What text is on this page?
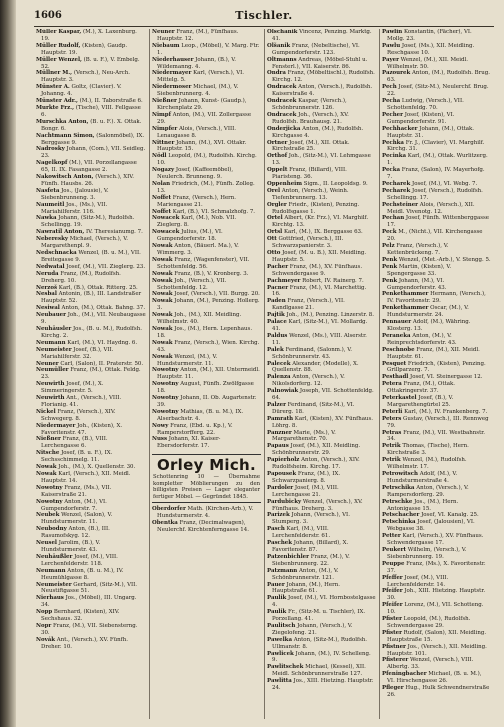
1606	Tischler.

Müller Kaspar, (M.), X. Laxenburg. 19.

Müller Rudolf, (Kisten), Gaudp. Hauptstr. 19.

Müller Wenzel, (B. u. F.), V. Embelg. 52.

Müllner M., (Versch.), Neu-Arch. Hauptstr. 3.

Münster A. Goltz, (Clavier). V. Johanng. 4.

Münster Adr., (M.), II. Taborstraße 6.

Murkte Frz., (Tische), VIII. Fellgasse 6.

Murschka Anton, (B. u. F.). X. Ottak. Bongr. 6.

Nachtmann Simon, (Salonmöbel), IX. Berggasse 9.

Nadrosky Johann, (Com.), VII. Seidleg. 23.

Nagelkopf (M.), VII. Porzellangasse 65, II. IX. Fasangasse 2.

Nakowitsch Anton, (Versch.), XIV. Fünfh. Hausbs. 26.

Nasfeta Jos., (Jalousie), V. Siebenbrunneng. 3.

Naumeitl Jos., (Ms.), VII. Mariahilferstr. 116.

Nawka Johann, (Sitz-M.), Rudolfsh. Schellingg. 19.

Nawratil Anton, IV. Theresianumg. 7.

Neberesky Michael, (Versch.), V. Margarethenpl. 9.

Nedschnacka Wenzel, (B. u. M.), VII. Breitegasse 9.

Nedwatal Josef, (M.), VII. Zieglerg. 23.

Neruda Franz, (M.), Rudolfsh. Dreherg. 10.

Nerzoš Karl, (B.), Ottak. Ritterg. 25.

Nesbal Antonin, (B.), III. Landstraßer Hauptstr. 52.

Nesiwal Anton, (M.), Ottak. Bahng. 37.

Neubauer Joh., (M.), VII. Neubaugasse 9.

Neuhäusler Jos., (B. u. M.), Rudolfsh. Kirchg. 2.

Neumann Karl, (M.), VI. Haydng. 6.

Neumeister Josef, (B.), VII. Mariahilferstr. 32.

Neuner Carl, (Salon), II. Praterstr. 50.

Neumüller Franz, (M.), Ottak. Feldg. 23.

Neuwirth Josef, (M.), X. Simmeringerstr. 5.

Neuwirth Ant., (Versch.), VIII. Florianig. 41.

Nickel Franz, (Versch.), XIV. Schwegerg. 8.

Niedermayer Joh., (Kisten), X. Favoritenstr. 47.

Nießner Franz, (B.), VIII. Lerchengasse 6.

Nitsche Josef, (B. u. F.), IX. Sechsschimmelg. 11.

Nowak Joh., (M.), X. Quellenstr. 30.

Nowak Karl, (Versch.), XII. Meidl. Hauptstr. 14.

Nowotny Franz, (Ms.), VII. Kaiserstraße 21.

Nowotny Anton, (M.), VI. Gumpendorferstr. 7.

Neubek Wenzel, (Salon), V. Hundsturmerstr. 11.

Neubodny Anton, (B.), III. Rasumofskyg. 12.

Neusel Jarolim, (B.), V. Hundsturmerstr. 43.

Neuhäußler Josef, (M.), VIII. Lerchenfelderstr. 118.

Neumann Anton, (B. u. M.), IV. Heumühlgasse 8.

Neumeister Gerhard, (Sitz-M.), VII. Neustiftgasse 51.

Nierhaus Jos., (Möbel), III. Ungarg. 34.

Nopp Bernhard, (Kisten), XIV. Sechshaus. 32.

Nopr Franz, (M.), VII. Siebensterng. 30.

Novák Ant., (Versch.), XV. Fünfh. Dreher. 10.

Neuner Franz, (M.), Fünfhaus. Hauptstr. 12.

Niebaum Leop., (Möbel), V. Marg. Ftr. 1.

Niederhauser Johann, (B.), V. Wildemanng. 4.

Niedermayer Karl, (Versch.), VI. Mittelg. 5.

Niedermoser Michael, (M.), V. Siebenbrunnerg. 4.

Nießner Johann, Kunst- (Gaudp.), Kirchenplatz 29.

Nimpf Anton, (M.), VII. Zollergasse 29.

Nimpfer Alois, (Versch.), VIII. Lenaugasse 8.

Nittner Johann, (M.), XVI. Ottakr. Hauptstr. 15.

Nödl Leopold, (M.), Rudolfsh. Kirchg. 10.

Nogazy Josef, (Kaffeemöbel), Neulerch. Brunneng. 9.

Nolan Friedrich, (M.), Fünfh. Zolleg. 13.

Noffet Franz, (Versch.), Hern. Mariengasse 21.

Noffet Karl, (B.), VI. Schmalzhofg. 7.

Nowacek Karl, (M.), Nob. VII. Zieglerg. 8.

Nowacek Julius, (M.), VI. Gumpendorferstr. 18.

Nowak Anton, (Bäuerl. Ma.), V. Wimmerg. 3.

Nowak Franz, (Wagenfenster), VII. Schottenfeldg. 56.

Nowak Franz, (B.), V. Kronberg. 3.

Nowak Joh., (Versch.), VII. Schottenfeldg. 12.

Nowak Josef, (Versch.), VII. Burgg. 20.

Nowak Johann, (M.), Penzing. Hollerg. 3.

Nowak Joh., (M.), XII. Meidling. Wilhelmstr. 40.

Nowak Jos., (M.), Hern. Lepenhaus. 18.

Nowak Franz, (Versch.), Wien. Kirchg. 43.

Nowak Wenzel, (M.), V. Hundsturmerstr. 11.

Nowotny Anton, (M.), XII. Untermeidl. Hauptstr. 11.

Nowotny August, Fünfh. Zwölfgasse 18.

Nowotny Johann, II. Ob. Augartenstr. 39.

Nowotny Mathias, (B. u. M.), IX. Alserbachstr. 4.

Nowy Franz, (Ebd. u. Kp.), V. Ramperstorfferg. 22.

Nuss Johann, XI. Kaiser-Ebersdorferstr. 17.

Orley Mich.
Schottenring 10 — Übernahme kompletter Möblierungen zu den billigsten Preisen — Lager eleganter fertiger Möbel. — Gegründet 1845.

Oberdorfer Math. (Kirchen-Arb.), V. Hundsturmerstr. 4.

Obentka Franz, (Decimalwagen), Neulerchf. Kirchtenferngasse 14.

Olschanik Vincenz, Penzing. Marktg. 41.

Olšanik Franz, (Nebeltische), VI. Gumpendorferstr. 123.

Oltmanns Andreas, (Möbel-Stuhl u. Fensterl.), VII. Kaiserstr. 86.

Ondra Franz, (Möbeltischl.), Rudolfsh. Kirchg. 12.

Ondracek Anton, (Versch.), Rudolfsh. Kaiserstraße 4.

Ondracek Kaspar, (Versch.), Schönbrunnerstr. 126.

Ondracek Joh., (Versch.), XV. Rudolfsh. Brauhausg. 21.

Onderjicka Anton, (M.), Rudolfsh. Kirchgasse 4.

Ortner Josef, (M.), XII. Ottak. Kirchstraße 25.

Orthof Joh., (Sitz-M.), VI. Lehmgasse 13.

Oppelt Franz, (Billard), VIII. Piaristeng. 36.

Oppenheim Sigm., II. Leopoldsg. 9.

Orel Anton, (Versch.), Weinh. Tiefenbrunnerg. 13.

Orgler Friedr., (Kisten), Penzing. Rudolfsgasse 1.

Ortel Albert, (Kr. Frz.), VI. Marghilf. Kirchtg. 13.

Ortsl Karl, (M.), IX. Berggasse 63.

Ott Gottfried, (Versch.), III. Schwarzspanierstr. 3.

Otto Josef, (M. u. B.), XII. Meidling. Hauptstr. 5.

Pacher Franz, (M.), XV. Fünfhaus. Schwendergasse 9.

Pachmeyer Robert, IV. Rainerg. 7.

Pacner Franz, (M.), VI. Marchettig. 16.

Paden Franz, (Versch.), VII. Kandlgasse 21.

Pajtik Joh., (M.), Penzing. Linzerstr. 8.

Palace Karl, (Sitz-M.), VI. Mollardg. 41.

Paldus Wenzel, (Ms.), VIII. Alserstr. 11.

Palek Ferdinand, (Salonm.), V. Schönbrunnerstr. 43.

Palecek Alexander, (Modelle), X. Quellenstr. 88.

Palenza Anton, (Versch.), V. Nikolsdorferg. 12.

Palnowiak Joseph, VII. Schottenfeldg. 64.

Palzer Ferdinand, (Sitz-M.), VI. Dürerg. 18.

Pamrath Karl, (Kisten), XV. Fünfhaus. Löhrg. 8.

Panzner Marie, (Ms.), V. Margarethenstr. 70.

Papaus Josef, (M.), XII. Meidling. Schönbrunnerstr. 29.

Papierholz Anton, (Versch.), XIV. Rudolfsheim. Kirchg. 17.

Papousek Franz, (M.), IX. Schwarzpanierg. 8.

Pardoler Josef, (M.), VIII. Lerchengasse 21.

Pardubicky Wenzel, (Versch.), XV. Fünfhaus. Dreherg. 3.

Parizek Johann, (Versch.), VI. Stumperg. 3.

Pasch Karl, (M.), VIII. Lerchenfelderstr. 61.

Paschek Johann, (Billard), X. Favoritenstr. 87.

Patzenbichler Franz, (M.), V. Siebenbrunnerg. 22.

Patzmann Anton, (M.), V. Schönbrunnerstr. 121.

Pauer Johann, (M.), Hern. Hauptstraße 61.

Paulik Josef, (M.), VI. Hornbostelgasse 4.

Paulik Fr., (Sitz-M. u. Tischler), IX. Porzellang. 41.

Paulitsch Johann, (Versch.), V. Ziegelofeng. 21.

Pawelka Anton, (Sitz-M.), Rudolfsh. Ullmanstr. 8.

Pawlicek Johann, (M.), IV. Schelleng. 9.

Pawlitschek Michael, (Kessel), XII. Meidl. Schönbrunnerstraße 127.

Pawlitta Jos., XIII. Hietzing. Hauptstr. 24.

Pawlin Konstantin, (Fächer), VI. Mollg. 23.

Pawlu Josef, (Ms.), XII. Meidling. Reschgasse 10.

Payer Wenzel, (M.), XII. Meidl. Wilhelmstr. 50.

Pazourek Anton, (M.), Rudolfsh. Brug. 63.

Pech Josef, (Sitz-M.), Neulerchf. Brug. 22.

Pecha Ludwig, (Versch.), VII. Schottenfeldg. 70.

Pecher Josef, (Kisten), VI. Gumpendorferstr. 91.

Pechhacker Johann, (M.), Ottak. Hauptstr. 31.

Pechka Fr. J., (Clavier), VI. Marghilf. Kirchg. 31.

Pecinka Karl, (M.), Ottak. Wurlitzerg. 1.

Pecka Franz, (Salon), IV. Mayerhofg. 7.

Pecharek Josef, (M.), VI. Webg. 7.

Pecharek Josef, (Versch.), Rudolfsh. Schellingg. 17.

Pechsteiner Alois, (Versch.), XII. Meidl. Vivenotg. 12.

Pechan Josef, Fünfh. Wittenberggasse 17.

Peck M., (Nicht.), VII. Kirchengasse 20.

Pelz Franz, (Versch.), V. Kettenbrückeng. 7.

Penk Wenzel, (Met.-Arb.), V. Stengg. 5.

Penk Martin, (Kisten), V. Spengergasse 33.

Penk Johann, (M.), VI. Gumpendorferstr. 43.

Penkethammer Hermann, (Versch.), IV. Favoritenstr. 29.

Penkethammer Oscar, (M.), V. Hundsturmerstr. 24.

Pennauer Adolf, (M.), Währing. Klosterg. 13.

Peraneka Anton, (M.), V. Reinprechtsdorferstr. 43.

Peschnobe Franz, (M.), XII. Meidl. Hauptstr. 61.

Pesquet Friedrich, (Kisten), Penzing. Grillparzerg. 7.

Pesthadl Josef, VI. Steinergasse 12.

Petera Franz, (M.), Ottak. Ottakringerstr. 37.

Peterkastel Josef, (B.), V. Margarethengürtel 25.

Peterli Karl, (M.), IV. Frankenberg. 7.

Peters Gustav, (Versch.), III. Rennweg 79.

Petras Franz, (M.), VII. Westbahnstr. 34.

Petrik Thomas, (Tische), Hern. Kirchstraße 3.

Petrik Wenzel, (M.), Rudolfsh. Wilhelmstr. 17.

Petrowitsch Adolf, (M.), V. Hundsturmerstraße 4.

Petrschika Anton, (Versch.), V. Rampersdorferg. 29.

Petrschke Jos., (M.), Hern. Antonigasse 15.

Petschacher Josef, VI. Kanalg. 25.

Petschinka Josef, (Jalousien), VI. Webgasse 38.

Petter Karl, (Versch.), XV. Fünfhaus. Schwendergasse 17.

Peukert Wilhelm, (Versch.), V. Siebenbrunnerg. 19.

Peuppe Franz, (Ms.), X. Favoritenstr. 37.

Pfeffer Josef, (M.), VIII. Lerchenfelderstr. 14.

Pfeifer Joh., XIII. Hietzing. Hauptstr. 30.

Pfeifer Lorenz, (M.), VII. Schotteng. 10.

Pfister Leopold, (M.), Rudolfsh. Schwendergasse 29.

Pfister Rudolf, (Salon), XII. Meidling. Hauptstraße 15.

Pfistner Jos., (Versch.), XII. Meidling. Hauptstr. 101.

Pfisterer Wenzel, (Versch.), VIII. Albertg. 33.

Pfeningbacher Michael, (B. u. M.), VI. Hirschengasse 26.

Pfleger Hug., Hulk Schwendnerstraße 26.
